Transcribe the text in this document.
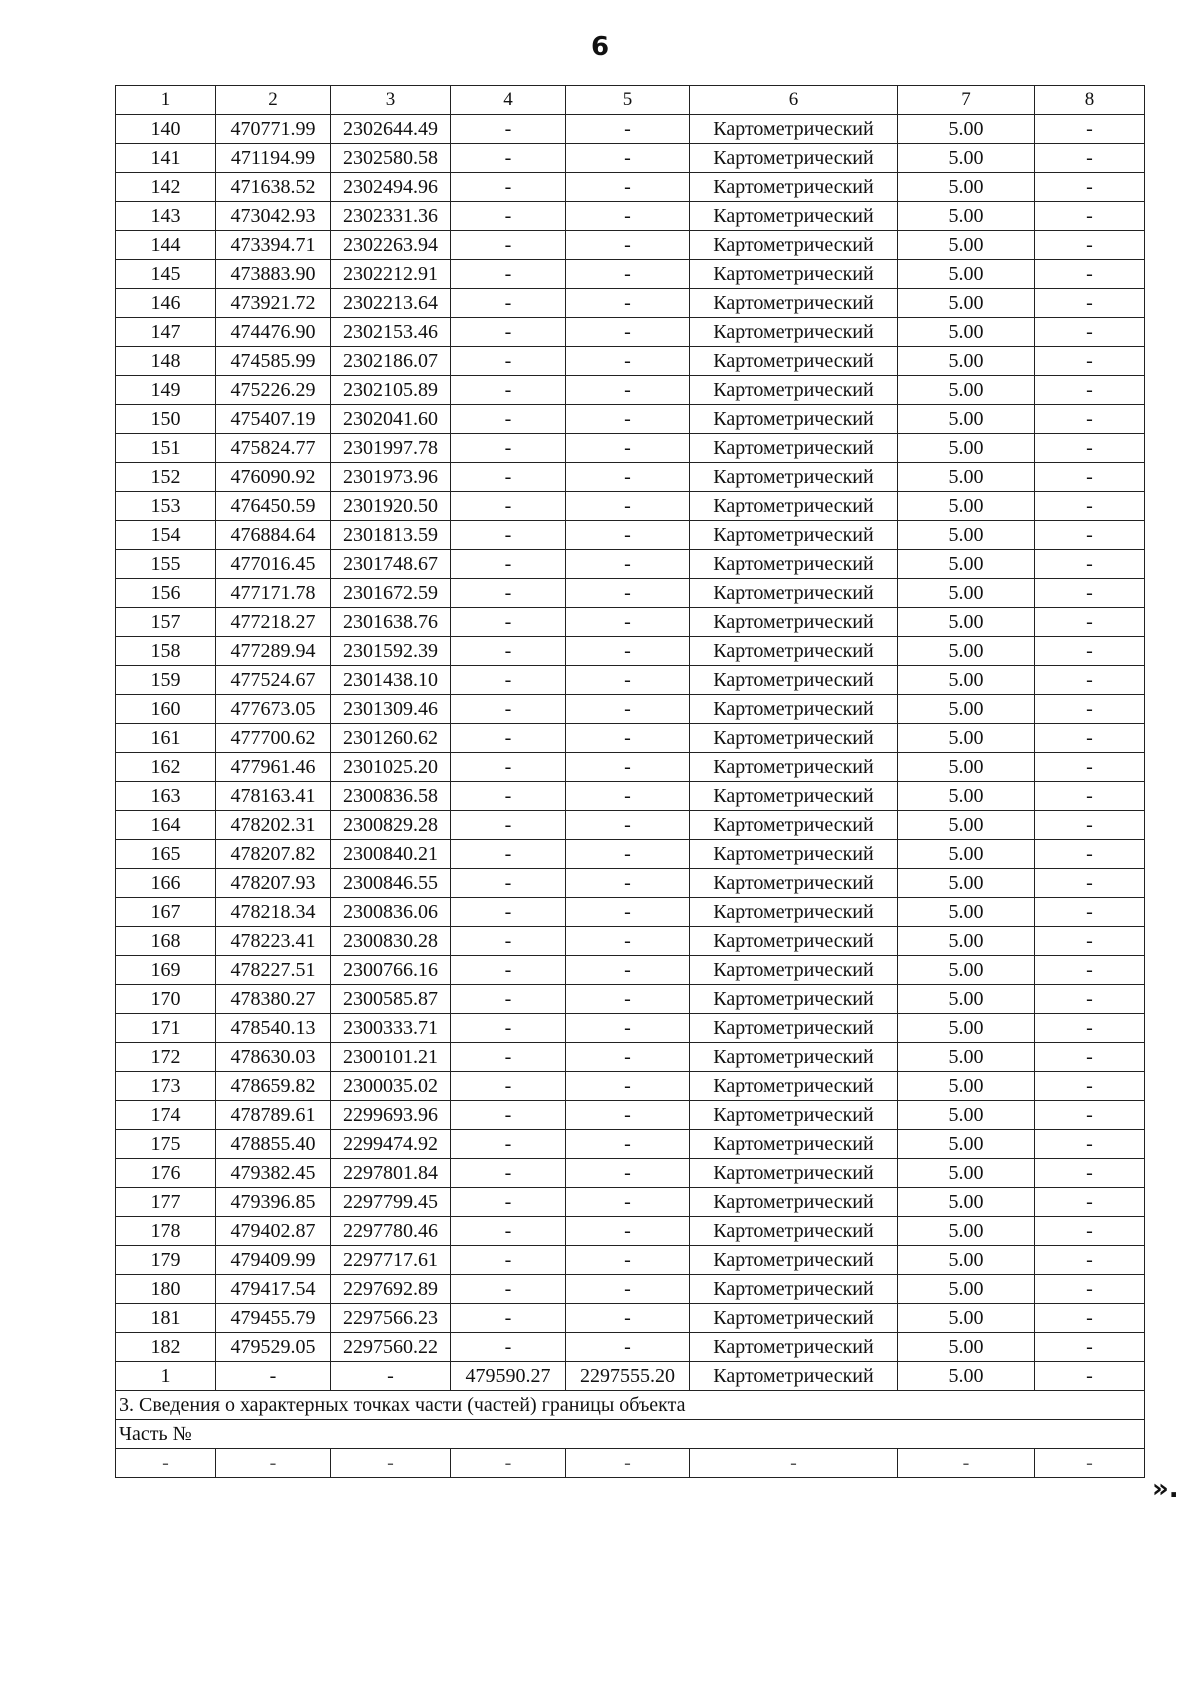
6
1	2	3	4	5	6	7	8
140	470771.99	2302644.49	-	-	Картометрический	5.00	-
141	471194.99	2302580.58	-	-	Картометрический	5.00	-
142	471638.52	2302494.96	-	-	Картометрический	5.00	-
143	473042.93	2302331.36	-	-	Картометрический	5.00	-
144	473394.71	2302263.94	-	-	Картометрический	5.00	-
145	473883.90	2302212.91	-	-	Картометрический	5.00	-
146	473921.72	2302213.64	-	-	Картометрический	5.00	-
147	474476.90	2302153.46	-	-	Картометрический	5.00	-
148	474585.99	2302186.07	-	-	Картометрический	5.00	-
149	475226.29	2302105.89	-	-	Картометрический	5.00	-
150	475407.19	2302041.60	-	-	Картометрический	5.00	-
151	475824.77	2301997.78	-	-	Картометрический	5.00	-
152	476090.92	2301973.96	-	-	Картометрический	5.00	-
153	476450.59	2301920.50	-	-	Картометрический	5.00	-
154	476884.64	2301813.59	-	-	Картометрический	5.00	-
155	477016.45	2301748.67	-	-	Картометрический	5.00	-
156	477171.78	2301672.59	-	-	Картометрический	5.00	-
157	477218.27	2301638.76	-	-	Картометрический	5.00	-
158	477289.94	2301592.39	-	-	Картометрический	5.00	-
159	477524.67	2301438.10	-	-	Картометрический	5.00	-
160	477673.05	2301309.46	-	-	Картометрический	5.00	-
161	477700.62	2301260.62	-	-	Картометрический	5.00	-
162	477961.46	2301025.20	-	-	Картометрический	5.00	-
163	478163.41	2300836.58	-	-	Картометрический	5.00	-
164	478202.31	2300829.28	-	-	Картометрический	5.00	-
165	478207.82	2300840.21	-	-	Картометрический	5.00	-
166	478207.93	2300846.55	-	-	Картометрический	5.00	-
167	478218.34	2300836.06	-	-	Картометрический	5.00	-
168	478223.41	2300830.28	-	-	Картометрический	5.00	-
169	478227.51	2300766.16	-	-	Картометрический	5.00	-
170	478380.27	2300585.87	-	-	Картометрический	5.00	-
171	478540.13	2300333.71	-	-	Картометрический	5.00	-
172	478630.03	2300101.21	-	-	Картометрический	5.00	-
173	478659.82	2300035.02	-	-	Картометрический	5.00	-
174	478789.61	2299693.96	-	-	Картометрический	5.00	-
175	478855.40	2299474.92	-	-	Картометрический	5.00	-
176	479382.45	2297801.84	-	-	Картометрический	5.00	-
177	479396.85	2297799.45	-	-	Картометрический	5.00	-
178	479402.87	2297780.46	-	-	Картометрический	5.00	-
179	479409.99	2297717.61	-	-	Картометрический	5.00	-
180	479417.54	2297692.89	-	-	Картометрический	5.00	-
181	479455.79	2297566.23	-	-	Картометрический	5.00	-
182	479529.05	2297560.22	-	-	Картометрический	5.00	-
1	-	-	479590.27	2297555.20	Картометрический	5.00	-
3. Сведения о характерных точках части (частей) границы объекта							
Часть №							
-	-	-	-	-	-	-	-
».
